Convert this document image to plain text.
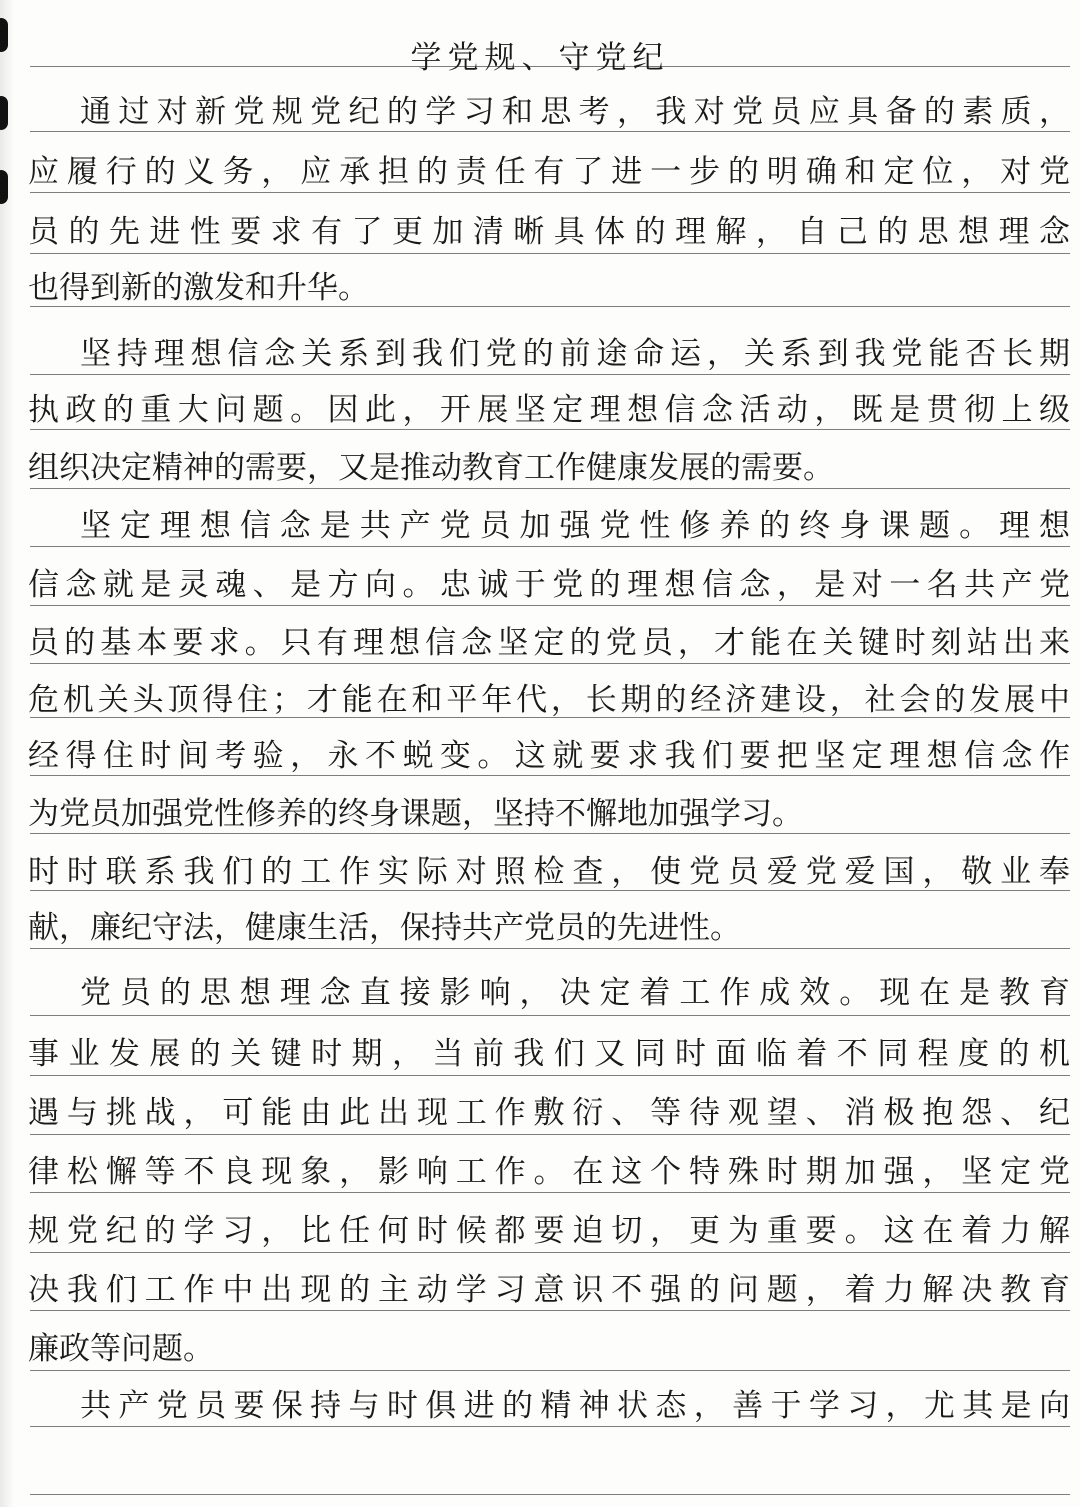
学党规、守党纪
通过对新党规党纪的学习和思考，我对党员应具备的素质，
应履行的义务，应承担的责任有了进一步的明确和定位，对党
员的先进性要求有了更加清晰具体的理解，自己的思想理念
也得到新的激发和升华。
坚持理想信念关系到我们党的前途命运，关系到我党能否长期
执政的重大问题。因此，开展坚定理想信念活动，既是贯彻上级
组织决定精神的需要，又是推动教育工作健康发展的需要。
坚定理想信念是共产党员加强党性修养的终身课题。理想
信念就是灵魂、是方向。忠诚于党的理想信念，是对一名共产党
员的基本要求。只有理想信念坚定的党员，才能在关键时刻站出来
危机关头顶得住；才能在和平年代，长期的经济建设，社会的发展中
经得住时间考验，永不蜕变。这就要求我们要把坚定理想信念作
为党员加强党性修养的终身课题，坚持不懈地加强学习。
时时联系我们的工作实际对照检查，使党员爱党爱国，敬业奉
献，廉纪守法，健康生活，保持共产党员的先进性。
党员的思想理念直接影响，决定着工作成效。现在是教育
事业发展的关键时期，当前我们又同时面临着不同程度的机
遇与挑战，可能由此出现工作敷衍、等待观望、消极抱怨、纪
律松懈等不良现象，影响工作。在这个特殊时期加强，坚定党
规党纪的学习，比任何时候都要迫切，更为重要。这在着力解
决我们工作中出现的主动学习意识不强的问题，着力解决教育
廉政等问题。
共产党员要保持与时俱进的精神状态，善于学习，尤其是向
